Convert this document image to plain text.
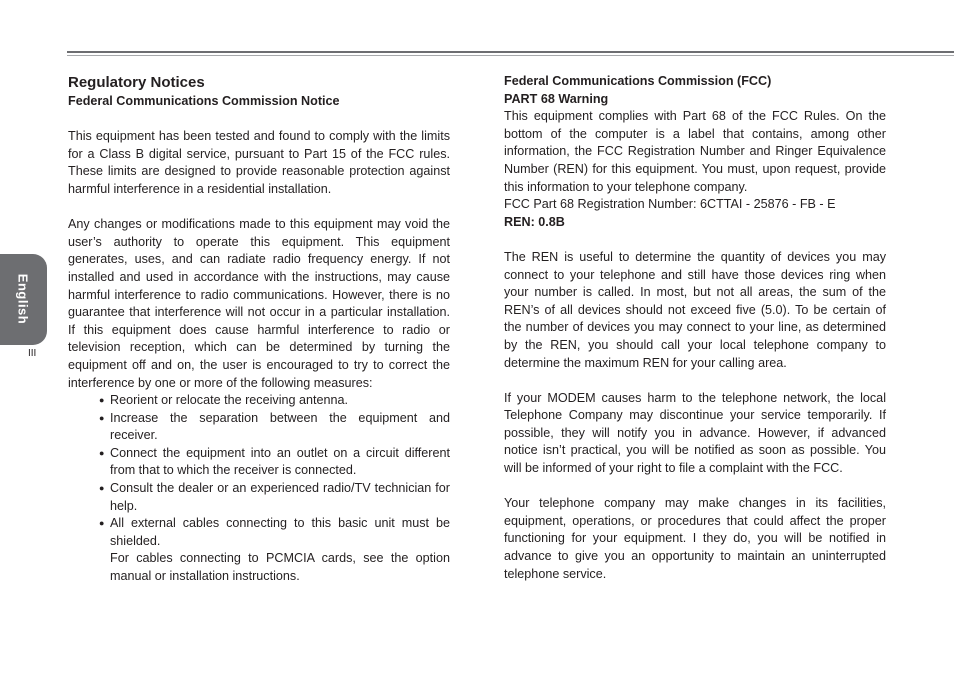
English
III
Regulatory Notices
Federal Communications Commission Notice

This equipment has been tested and found to comply with the limits for a Class B digital service, pursuant to Part 15 of the FCC rules. These limits are designed to provide reasonable protection against harmful interference in a residential installation.

Any changes or modifications made to this equipment may void the user’s authority to operate this equipment. This equipment generates, uses, and can radiate radio frequency energy. If not installed and used in accordance with the instructions, may cause harmful interference to radio communications. However, there is no guarantee that interference will not occur in a particular installation. If this equipment does cause harmful interference to radio or television reception, which can be determined by turning the equipment off and on, the user is encouraged to try to correct the interference by one or more of the following measures:

● Reorient or relocate the receiving antenna.
● Increase the separation between the equipment and receiver.
● Connect the equipment into an outlet on a circuit different from that to which the receiver is connected.
● Consult the dealer or an experienced radio/TV technician for help.
● All external cables connecting to this basic unit must be shielded.
For cables connecting to PCMCIA cards, see the option manual or installation instructions.
Federal Communications Commission (FCC)
PART 68 Warning

This equipment complies with Part 68 of the FCC Rules. On the bottom of the computer is a label that contains, among other information, the FCC Registration Number and Ringer Equivalence Number (REN) for this equipment. You must, upon request, provide this information to your telephone company.

FCC Part 68 Registration Number: 6CTTAI - 25876 - FB - E

REN: 0.8B

The REN is useful to determine the quantity of devices you may connect to your telephone and still have those devices ring when your number is called. In most, but not all areas, the sum of the REN’s of all devices should not exceed five (5.0). To be certain of the number of devices you may connect to your line, as determined by the REN, you should call your local telephone company to determine the maximum REN for your calling area.

If your MODEM causes harm to the telephone network, the local Telephone Company may discontinue your service temporarily. If possible, they will notify you in advance. However, if advanced notice isn’t practical, you will be notified as soon as possible. You will be informed of your right to file a complaint with the FCC.

Your telephone company may make changes in its facilities, equipment, operations, or procedures that could affect the proper functioning for your equipment. I they do, you will be notified in advance to give you an opportunity to maintain an uninterrupted telephone service.
